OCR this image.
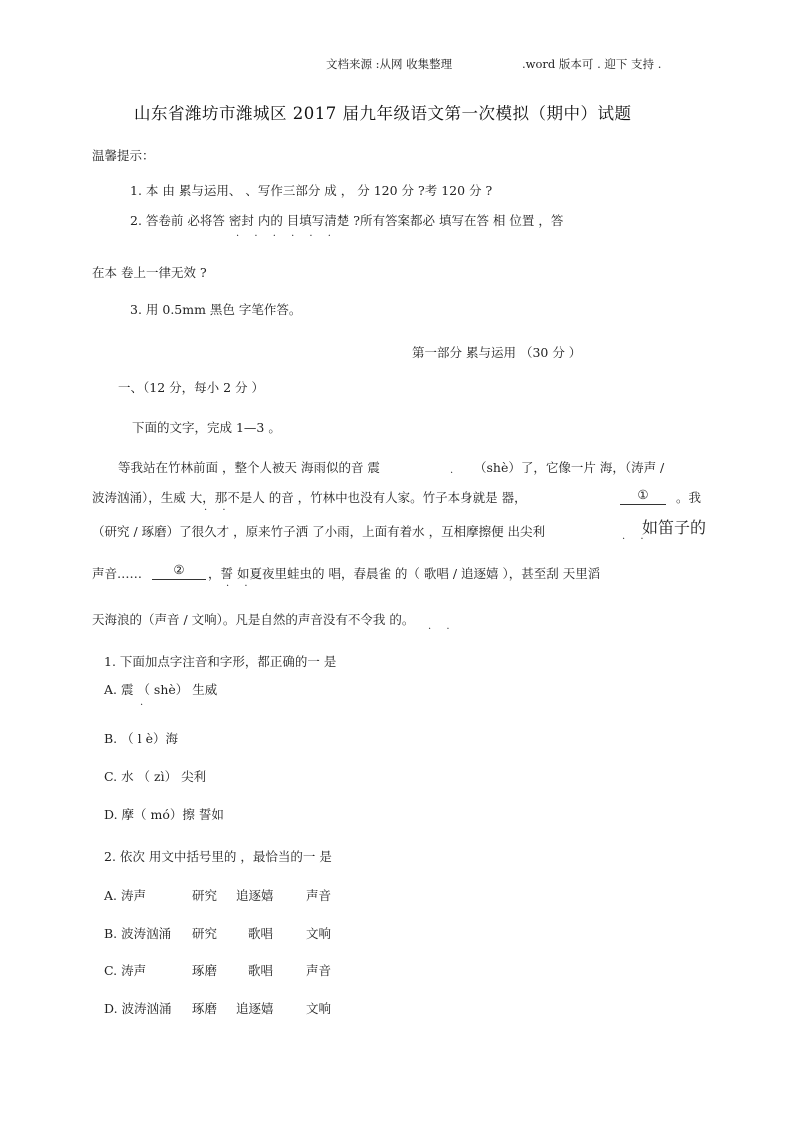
文档来源 :从网 收集整理	.word 版本可 . 迎下 支持 .
山东省潍坊市潍城区 2017 届九年级语文第一次模拟（期中）试题
温馨提示：
1. 本 由 累与运用、 、写作三部分 成 ， 分 120 分 ?考 120 分 ?
2. 答卷前 必将答 密封 内的 目填写清楚 ?所有答案都必 填写在答 相 位置 ，答
· · · · · ·
在本 卷上一律无效 ?
3. 用 0.5mm 黑色 字笔作答。
第一部分 累与运用 （30 分 ）
一、（12 分，每小 2 分 ）
下面的文字，完成 1—3 。
等我站在竹林前面 ，整个人被天 海雨似的音 震	. （shè）了，它像一片 海，（涛声 /
波涛汹涌），生威 大，那不是人 的音 ，竹林中也没有人家。竹子本身就是 器，	①	。我
· ·
（研究 / 琢磨）了很久才 ，原来竹子洒 了小雨，上面有着水 ，互相摩擦便 出尖利	. .
如笛子的
声音……	②	，誓 如夏夜里蛙虫的 唱，春晨雀 的（ 歌唱 / 追逐嬉 ），甚至刮 天里滔
· ·
天海浪的（声音 / 文响）。凡是自然的声音没有不令我 的。 . .
1. 下面加点字注音和字形，都正确的一 是
A. 震 （ shè） 生威
.
B. （ l è）海
C. 水 （ zì） 尖利
D. 摩（ mó）擦 誓如
2. 依次 用文中括号里的 ，最恰当的一 是
A. 涛声	研究 追逐嬉	声音
B. 波涛汹涌 研究 歌唱	文响
C. 涛声	琢磨 歌唱	声音
D. 波涛汹涌 琢磨 追逐嬉	文响
